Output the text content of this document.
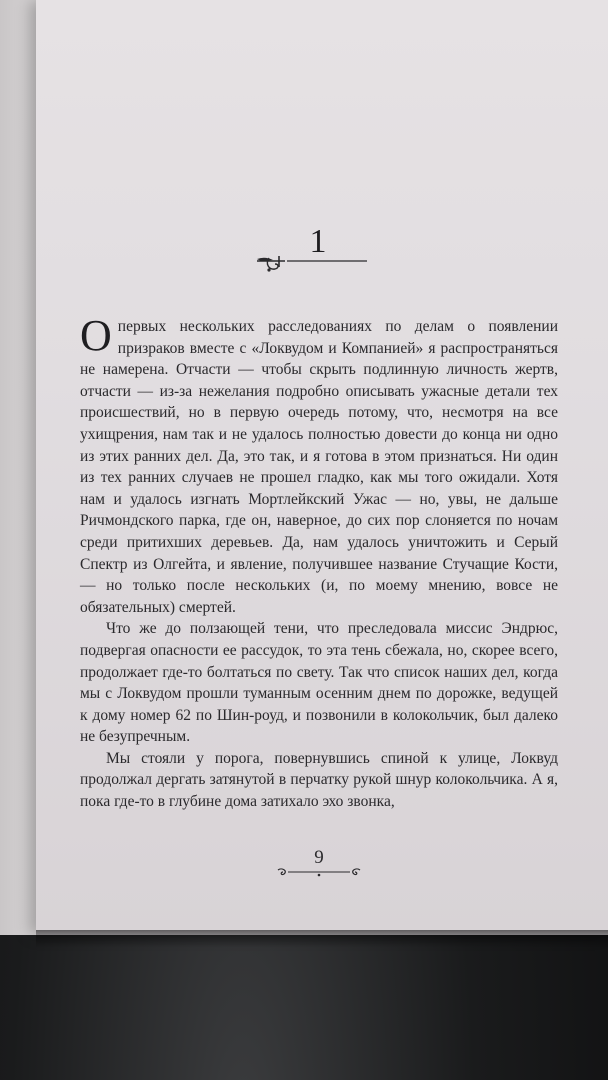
1

О первых нескольких расследованиях по делам о появлении призраков вместе с «Локвудом и Компанией» я распространяться не намерена. Отчасти — чтобы скрыть подлинную личность жертв, отчасти — из-за нежелания подробно описывать ужасные детали тех происшествий, но в первую очередь потому, что, несмотря на все ухищрения, нам так и не удалось полностью довести до конца ни одно из этих ранних дел. Да, это так, и я готова в этом признаться. Ни один из тех ранних случаев не прошел гладко, как мы того ожидали. Хотя нам и удалось изгнать Мортлейкский Ужас — но, увы, не дальше Ричмондского парка, где он, наверное, до сих пор слоняется по ночам среди притихших деревьев. Да, нам удалось уничтожить и Серый Спектр из Олгейта, и явление, получившее название Стучащие Кости, — но только после нескольких (и, по моему мнению, вовсе не обязательных) смертей.

Что же до ползающей тени, что преследовала миссис Эндрюс, подвергая опасности ее рассудок, то эта тень сбежала, но, скорее всего, продолжает где-то болтаться по свету. Так что список наших дел, когда мы с Локвудом прошли туманным осенним днем по дорожке, ведущей к дому номер 62 по Шин-роуд, и позвонили в колокольчик, был далеко не безупречным.

Мы стояли у порога, повернувшись спиной к улице, Локвуд продолжал дергать затянутой в перчатку рукой шнур колокольчика. А я, пока где-то в глубине дома затихало эхо звонка,

9
